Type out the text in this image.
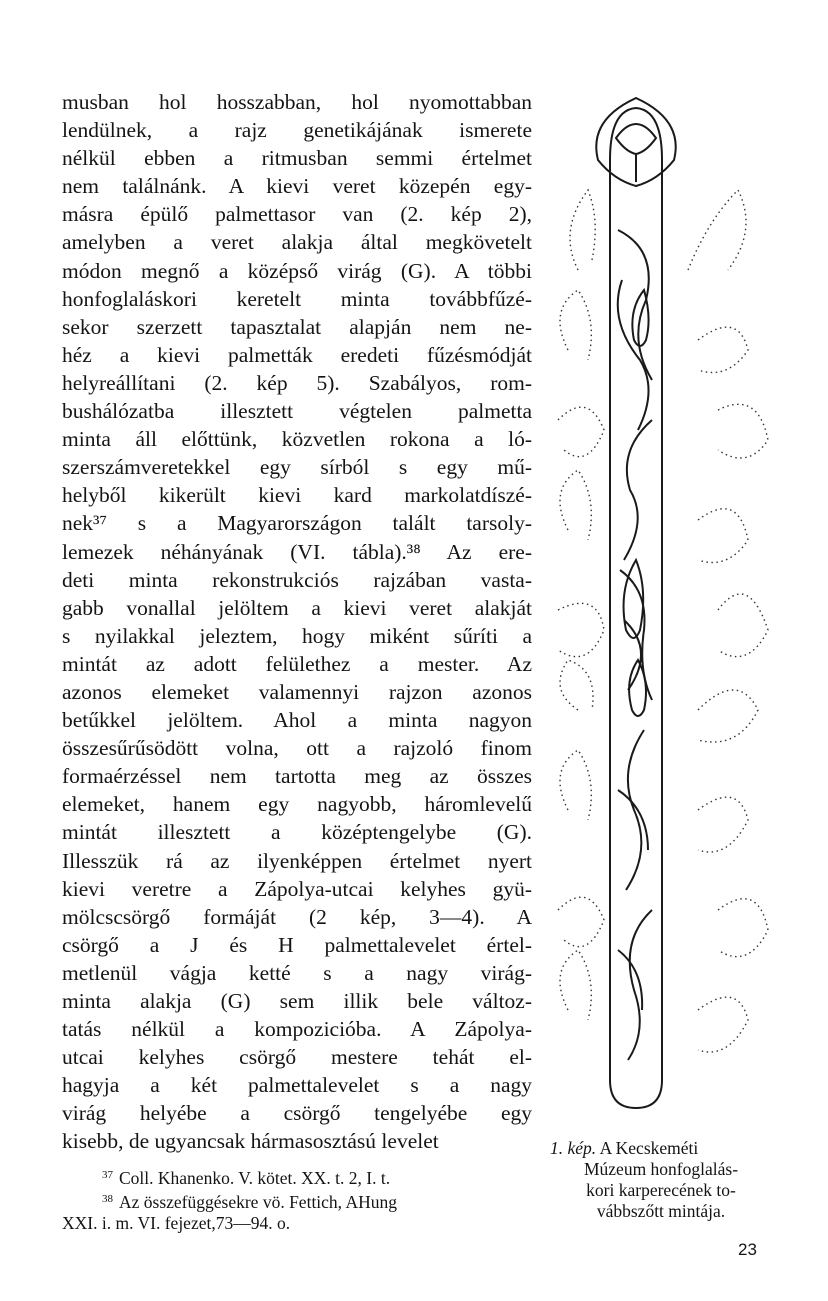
musban hol hosszabban, hol nyomottabban
lendülnek, a rajz genetikájának ismerete
nélkül ebben a ritmusban semmi értelmet
nem találnánk. A kievi veret közepén egy-
másra épülő palmettasor van (2. kép 2),
amelyben a veret alakja által megkövetelt
módon megnő a középső virág (G). A többi
honfoglaláskori keretelt minta továbbfűzé-
sekor szerzett tapasztalat alapján nem ne-
héz a kievi palmetták eredeti fűzésmódját
helyreállítani (2. kép 5). Szabályos, rom-
bushálózatba illesztett végtelen palmetta
minta áll előttünk, közvetlen rokona a ló-
szerszámveretekkel egy sírból s egy mű-
helyből kikerült kievi kard markolatdíszé-
nek³⁷ s a Magyarországon talált tarsoly-
lemezek néhányának (VI. tábla).³⁸ Az ere-
deti minta rekonstrukciós rajzában vasta-
gabb vonallal jelöltem a kievi veret alakját
s nyilakkal jeleztem, hogy miként sűríti a
mintát az adott felülethez a mester. Az
azonos elemeket valamennyi rajzon azonos
betűkkel jelöltem. Ahol a minta nagyon
összesűrűsödött volna, ott a rajzoló finom
formaérzéssel nem tartotta meg az összes
elemeket, hanem egy nagyobb, háromlevelű
mintát illesztett a középtengelybe (G).
Illesszük rá az ilyenképpen értelmet nyert
kievi veretre a Zápolya-utcai kelyhes gyü-
mölcscsörgő formáját (2 kép, 3—4). A
csörgő a J és H palmettalevelet értel-
metlenül vágja ketté s a nagy virág-
minta alakja (G) sem illik bele változ-
tatás nélkül a kompozicióba. A Zápolya-
utcai kelyhes csörgő mestere tehát el-
hagyja a két palmettalevelet s a nagy
virág helyébe a csörgő tengelyébe egy
kisebb, de ugyancsak hármasosztású levelet
$^{37}$ Coll. Khanenko. V. kötet. XX. t. 2, I. t.
$^{38}$ Az összefüggésekre vö. Fettich, AHung
XXI. i. m. VI. fejezet,73—94. o.
1. kép. A Kecskeméti
Múzeum honfoglalás-
kori karperecének to-
vábbszőtt mintája.
23
